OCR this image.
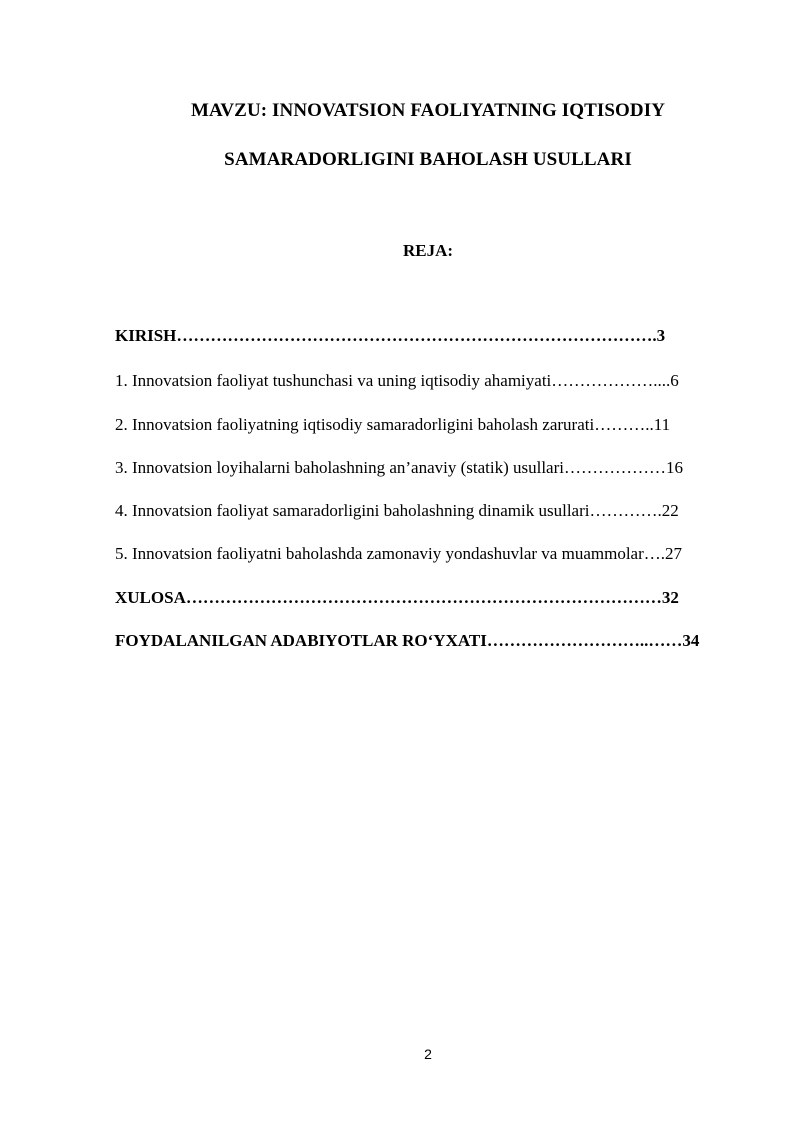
MAVZU: INNOVATSION FAOLIYATNING IQTISODIY
SAMARADORLIGINI BAHOLASH USULLARI
REJA:
KIRISH………………………………………………………………………….3
1. Innovatsion faoliyat tushunchasi va uning iqtisodiy ahamiyati………………....6
2. Innovatsion faoliyatning iqtisodiy samaradorligini baholash zarurati………..11
3. Innovatsion loyihalarni baholashning an’anaviy (statik) usullari………………16
4. Innovatsion faoliyat samaradorligini baholashning dinamik usullari………….22
5. Innovatsion faoliyatni baholashda zamonaviy yondashuvlar va muammolar….27
XULOSA…………………………………………………………………………32
FOYDALANILGAN ADABIYOTLAR RO‘YXATI………………………..……34
2
